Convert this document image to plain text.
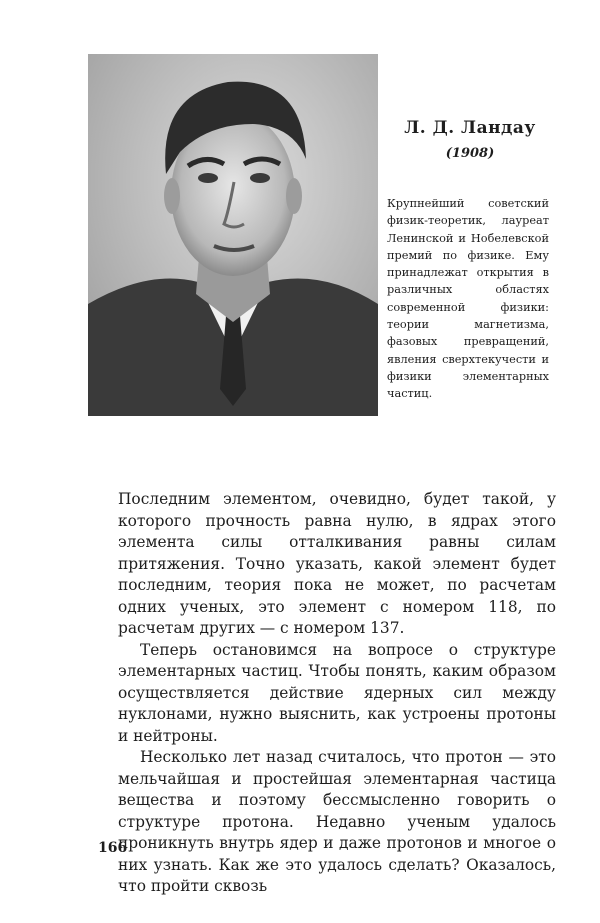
Л. Д. Ландау
(1908)

Крупнейший советский физик-теоретик, лауреат Ленинской и Нобелевской премий по физике. Ему принадлежат открытия в различных областях современной физики: теории магнетизма, фазовых превращений, явления сверхтекучести и физики элементарных частиц.

Последним элементом, очевидно, будет такой, у которого прочность равна нулю, в ядрах этого элемента силы отталкивания равны силам притяжения. Точно указать, какой элемент будет последним, теория пока не может, по расчетам одних ученых, это элемент с номером 118, по расчетам других — с номером 137.

Теперь остановимся на вопросе о структуре элементарных частиц. Чтобы понять, каким образом осуществляется действие ядерных сил между нуклонами, нужно выяснить, как устроены протоны и нейтроны.

Несколько лет назад считалось, что протон — это мельчайшая и простейшая элементарная частица вещества и поэтому бессмысленно говорить о структуре протона. Недавно ученым удалось проникнуть внутрь ядер и даже протонов и многое о них узнать. Как же это удалось сделать? Оказалось, что пройти сквозь

166
